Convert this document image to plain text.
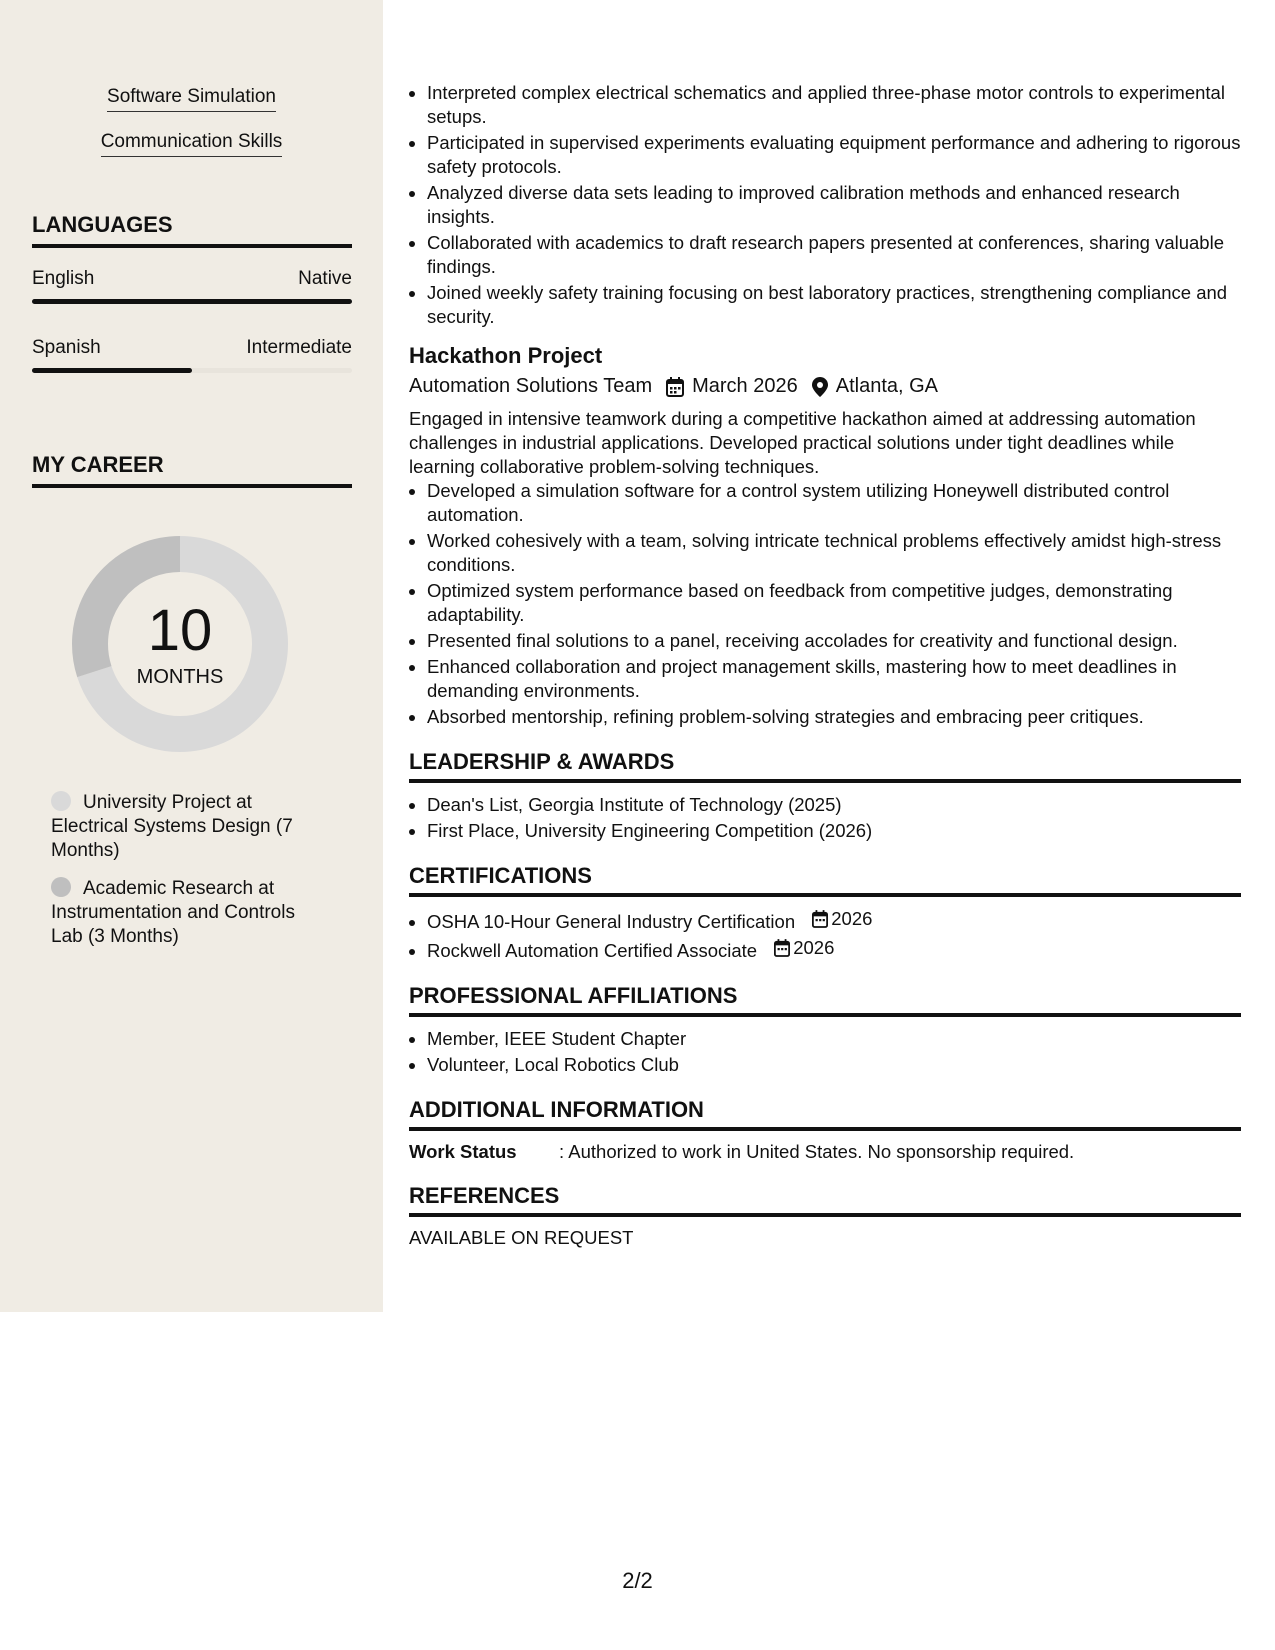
Software Simulation
Communication Skills
LANGUAGES
English	Native
Spanish	Intermediate
MY CAREER
10
MONTHS
University Project at Electrical Systems Design (7 Months)
Academic Research at Instrumentation and Controls Lab (3 Months)
• Interpreted complex electrical schematics and applied three-phase motor controls to experimental setups.
• Participated in supervised experiments evaluating equipment performance and adhering to rigorous safety protocols.
• Analyzed diverse data sets leading to improved calibration methods and enhanced research insights.
• Collaborated with academics to draft research papers presented at conferences, sharing valuable findings.
• Joined weekly safety training focusing on best laboratory practices, strengthening compliance and security.
Hackathon Project
Automation Solutions Team March 2026 Atlanta, GA
Engaged in intensive teamwork during a competitive hackathon aimed at addressing automation challenges in industrial applications. Developed practical solutions under tight deadlines while learning collaborative problem-solving techniques.
• Developed a simulation software for a control system utilizing Honeywell distributed control automation.
• Worked cohesively with a team, solving intricate technical problems effectively amidst high-stress conditions.
• Optimized system performance based on feedback from competitive judges, demonstrating adaptability.
• Presented final solutions to a panel, receiving accolades for creativity and functional design.
• Enhanced collaboration and project management skills, mastering how to meet deadlines in demanding environments.
• Absorbed mentorship, refining problem-solving strategies and embracing peer critiques.
LEADERSHIP & AWARDS
• Dean's List, Georgia Institute of Technology (2025)
• First Place, University Engineering Competition (2026)
CERTIFICATIONS
• OSHA 10-Hour General Industry Certification 2026
• Rockwell Automation Certified Associate 2026
PROFESSIONAL AFFILIATIONS
• Member, IEEE Student Chapter
• Volunteer, Local Robotics Club
ADDITIONAL INFORMATION
Work Status	: Authorized to work in United States. No sponsorship required.
REFERENCES
AVAILABLE ON REQUEST
2/2
